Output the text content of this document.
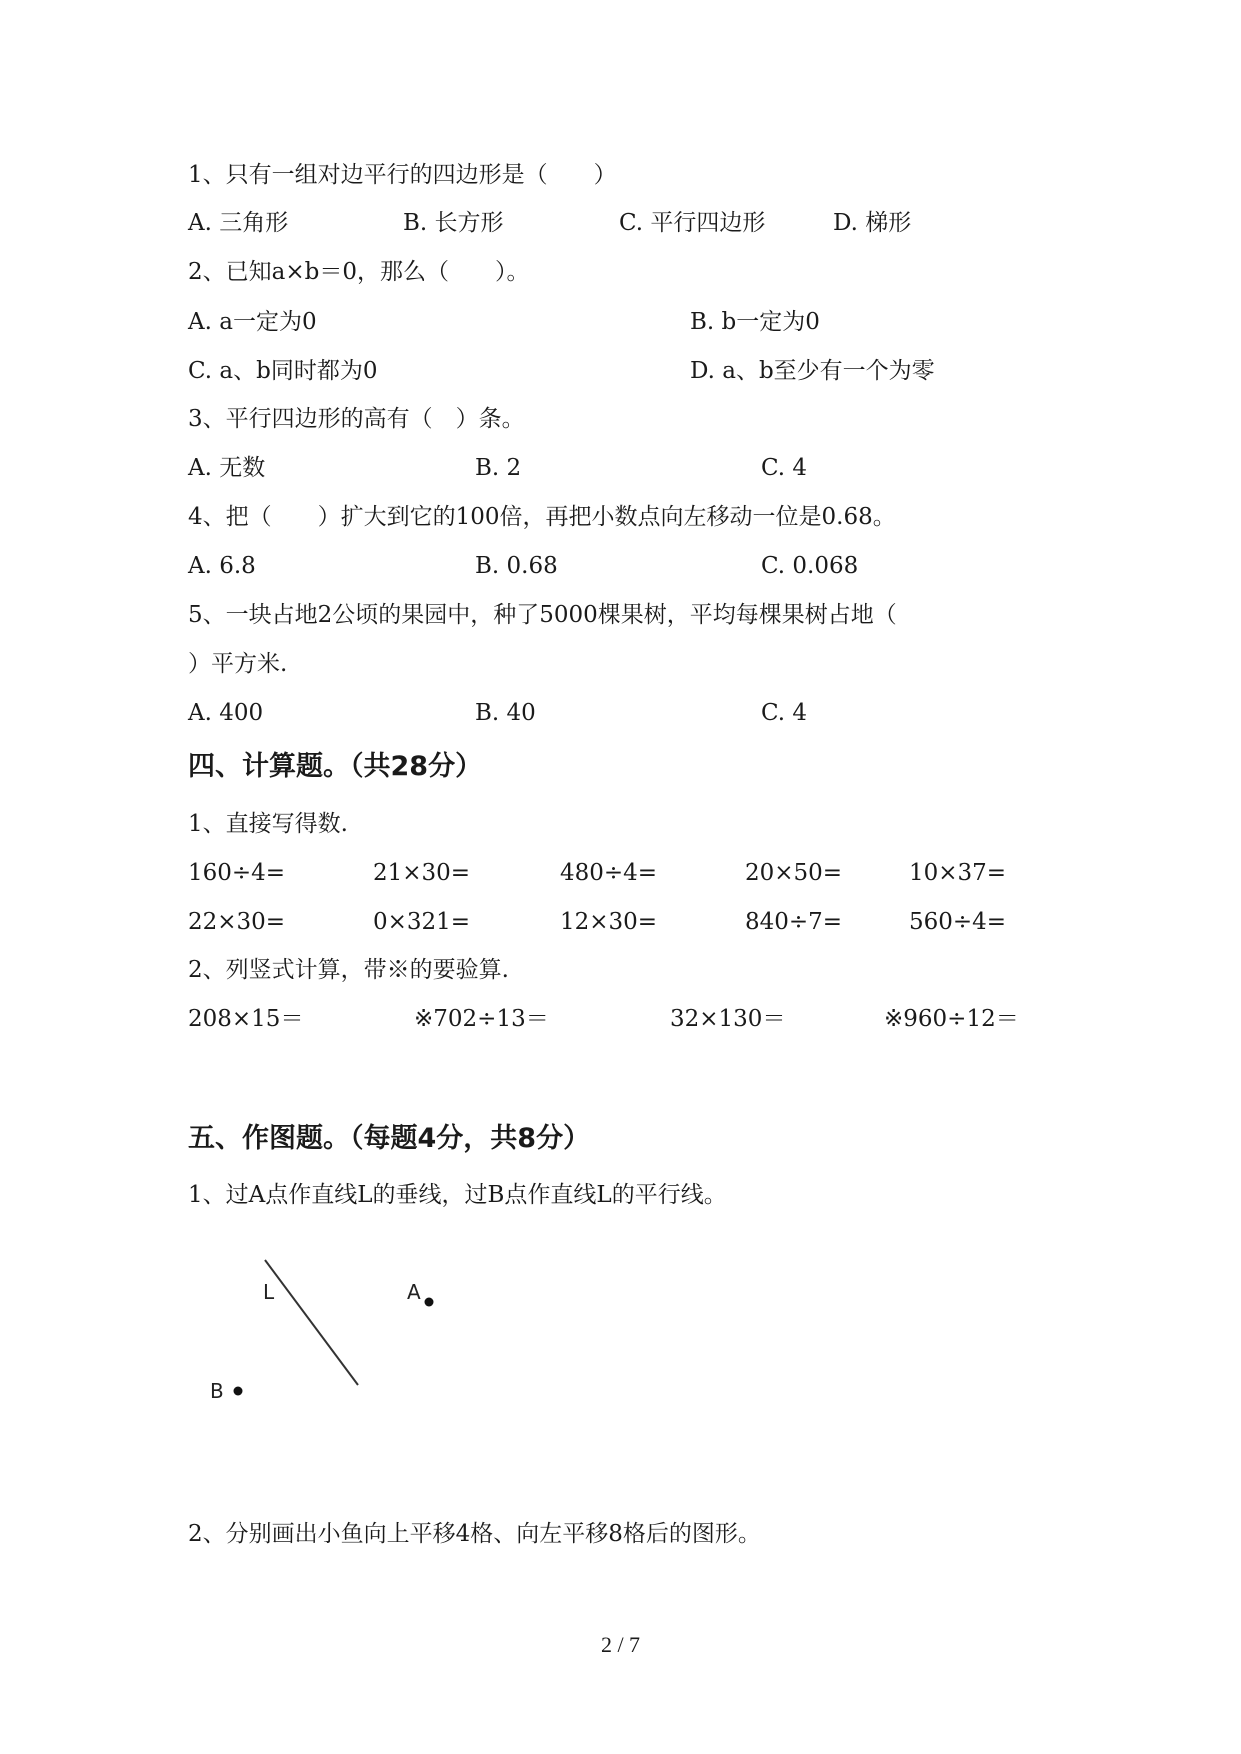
1、只有一组对边平行的四边形是（　　）

A. 三角形	B. 长方形	C. 平行四边形	D. 梯形

2、已知a×b＝0，那么（　　）。

A. a一定为0	B. b一定为0
C. a、b同时都为0	D. a、b至少有一个为零

3、平行四边形的高有（　）条。

A. 无数	B. 2	C. 4

4、把（　　）扩大到它的100倍，再把小数点向左移动一位是0.68。

A. 6.8	B. 0.68	C. 0.068

5、一块占地2公顷的果园中，种了5000棵果树，平均每棵果树占地（

）平方米.

A. 400	B. 40	C. 4
四、计算题。（共28分）

1、直接写得数.

160÷4=	21×30=	480÷4=	20×50=	10×37=
22×30=	0×321=	12×30=	840÷7=	560÷4=

2、列竖式计算，带※的要验算.

208×15＝	※702÷13＝	32×130＝	※960÷12＝
五、作图题。（每题4分，共8分）

1、过A点作直线L的垂线，过B点作直线L的平行线。

L	A
B

2、分别画出小鱼向上平移4格、向左平移8格后的图形。

2 / 7
